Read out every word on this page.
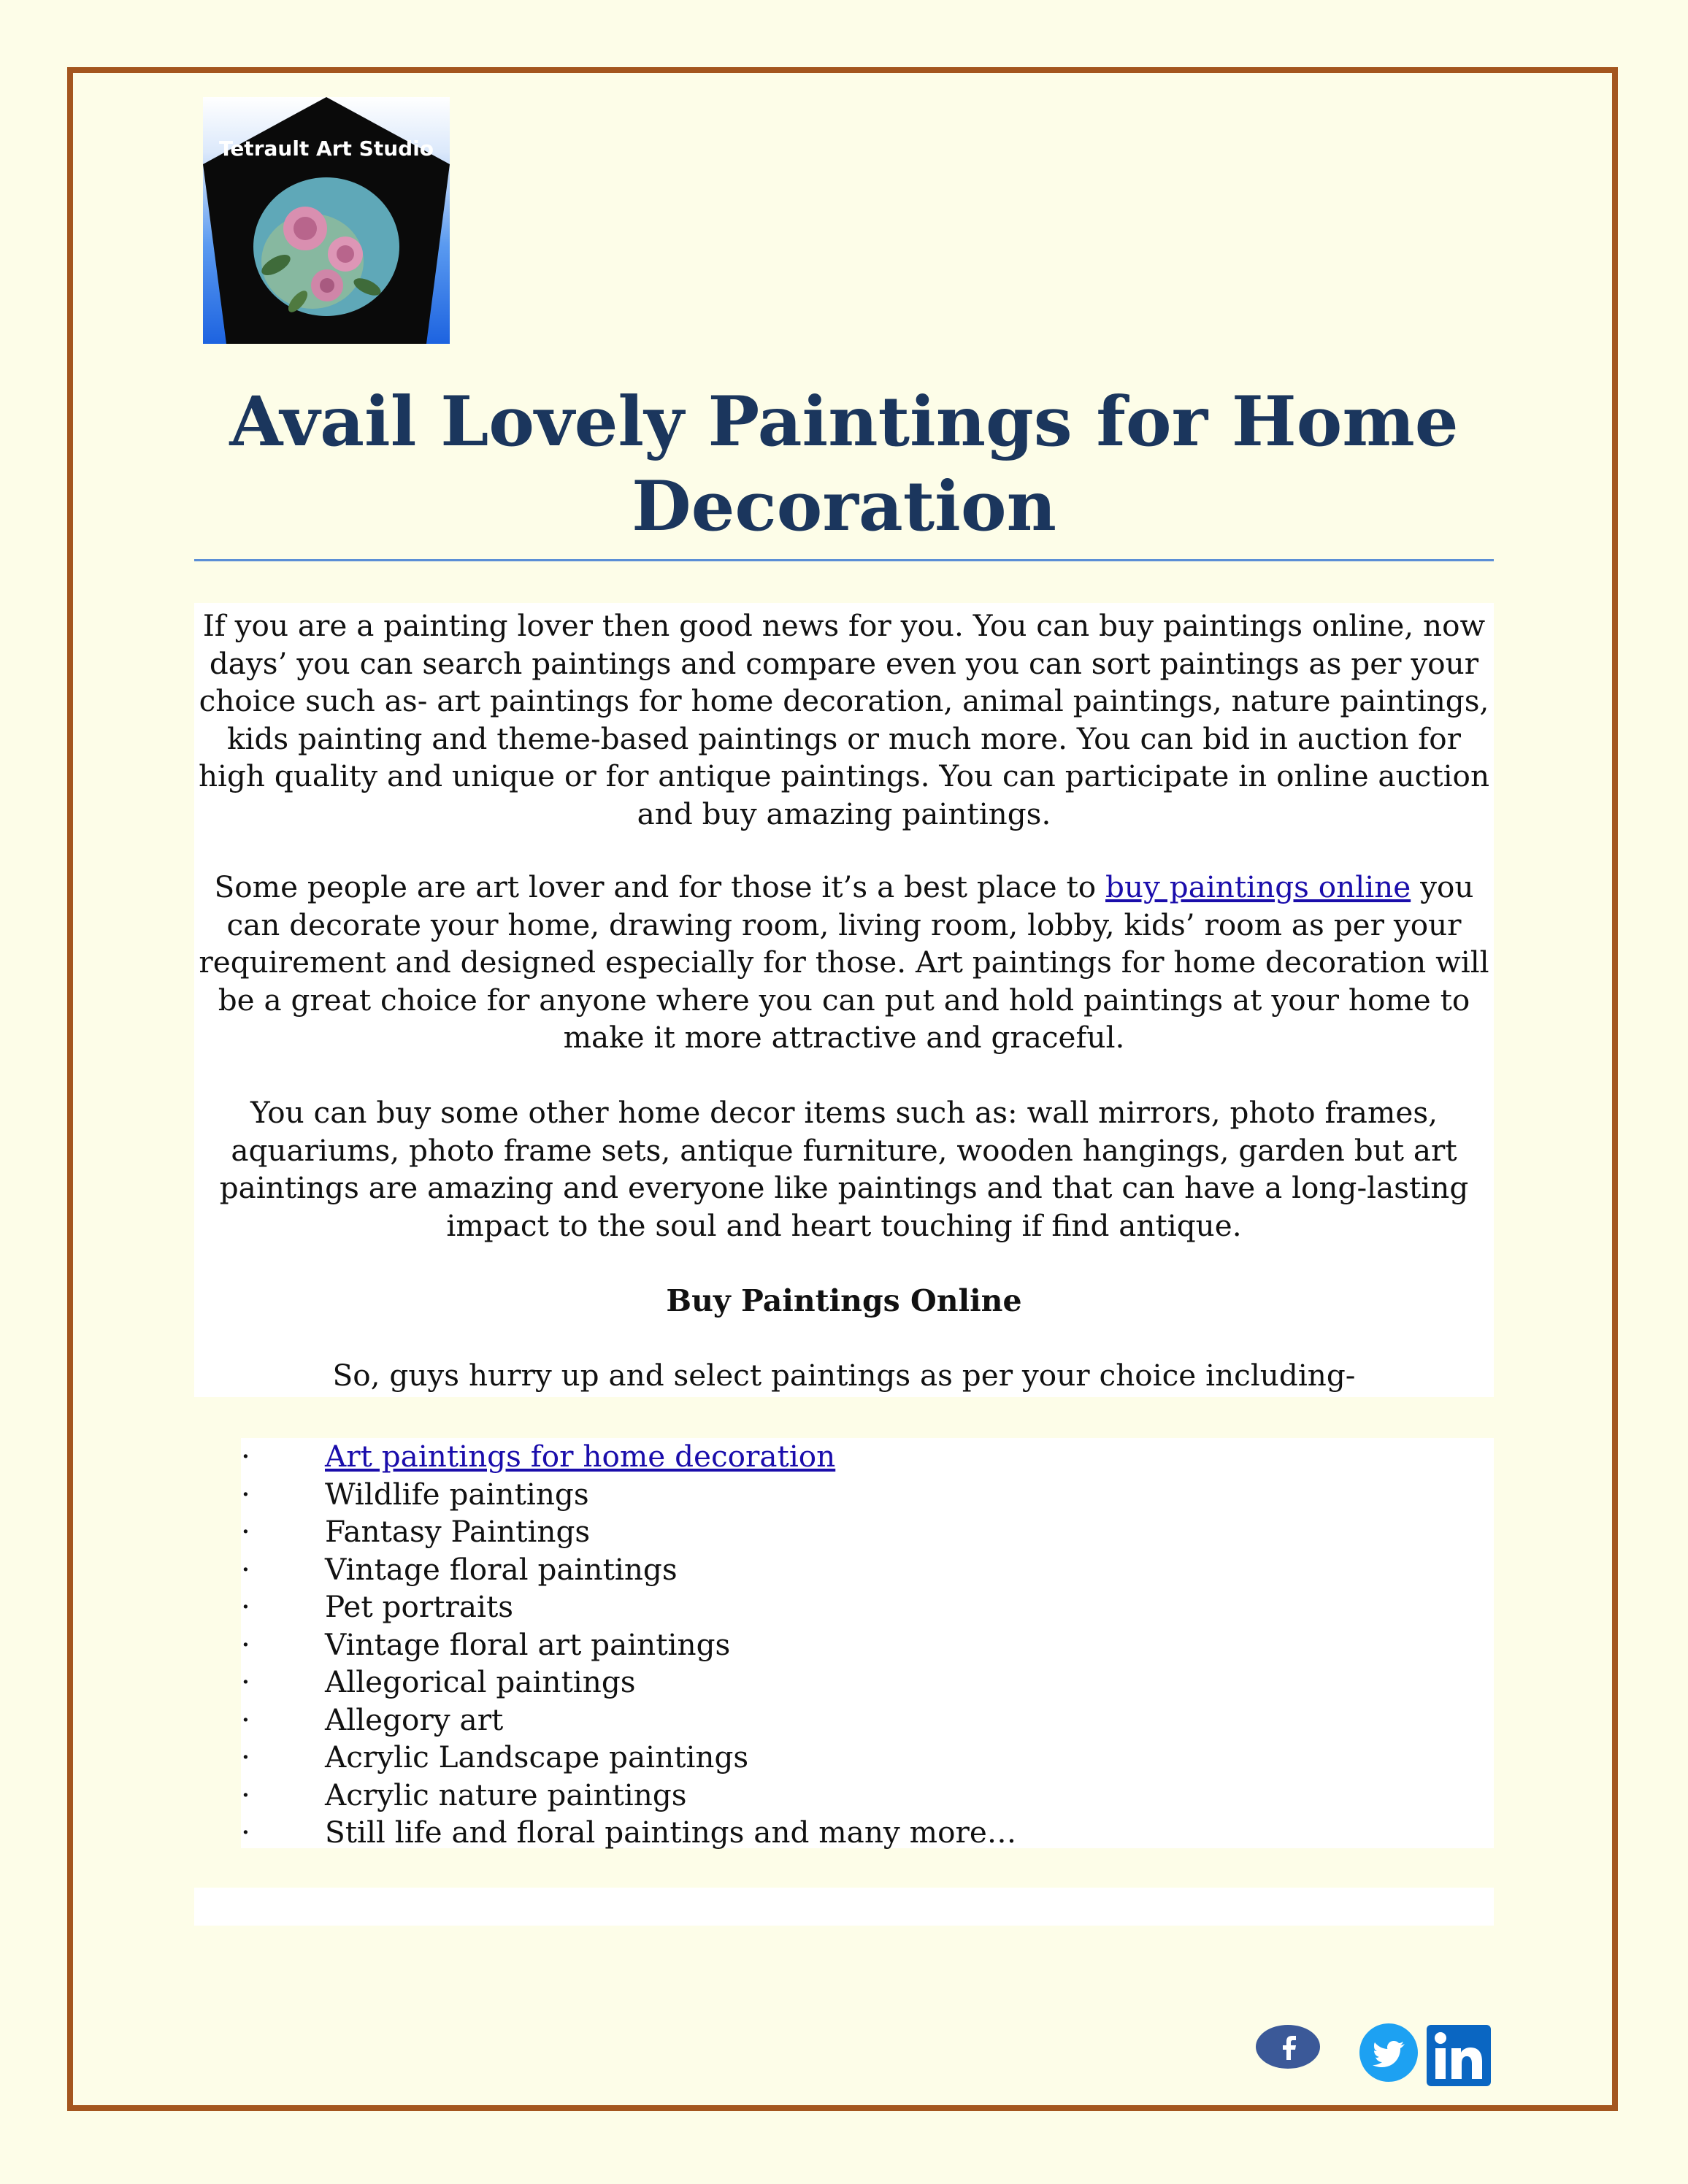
Tetrault Art Studio
Avail Lovely Paintings for Home
Decoration

If you are a painting lover then good news for you. You can buy paintings online, now days’ you can search paintings and compare even you can sort paintings as per your choice such as- art paintings for home decoration, animal paintings, nature paintings, kids painting and theme-based paintings or much more. You can bid in auction for high quality and unique or for antique paintings. You can participate in online auction and buy amazing paintings.

Some people are art lover and for those it’s a best place to buy paintings online you can decorate your home, drawing room, living room, lobby, kids’ room as per your requirement and designed especially for those. Art paintings for home decoration will be a great choice for anyone where you can put and hold paintings at your home to make it more attractive and graceful.

You can buy some other home decor items such as: wall mirrors, photo frames, aquariums, photo frame sets, antique furniture, wooden hangings, garden but art paintings are amazing and everyone like paintings and that can have a long-lasting impact to the soul and heart touching if find antique.

Buy Paintings Online

So, guys hurry up and select paintings as per your choice including-

·	Art paintings for home decoration
·	Wildlife paintings
·	Fantasy Paintings
·	Vintage floral paintings
·	Pet portraits
·	Vintage floral art paintings
·	Allegorical paintings
·	Allegory art
·	Acrylic Landscape paintings
·	Acrylic nature paintings
·	Still life and floral paintings and many more…
